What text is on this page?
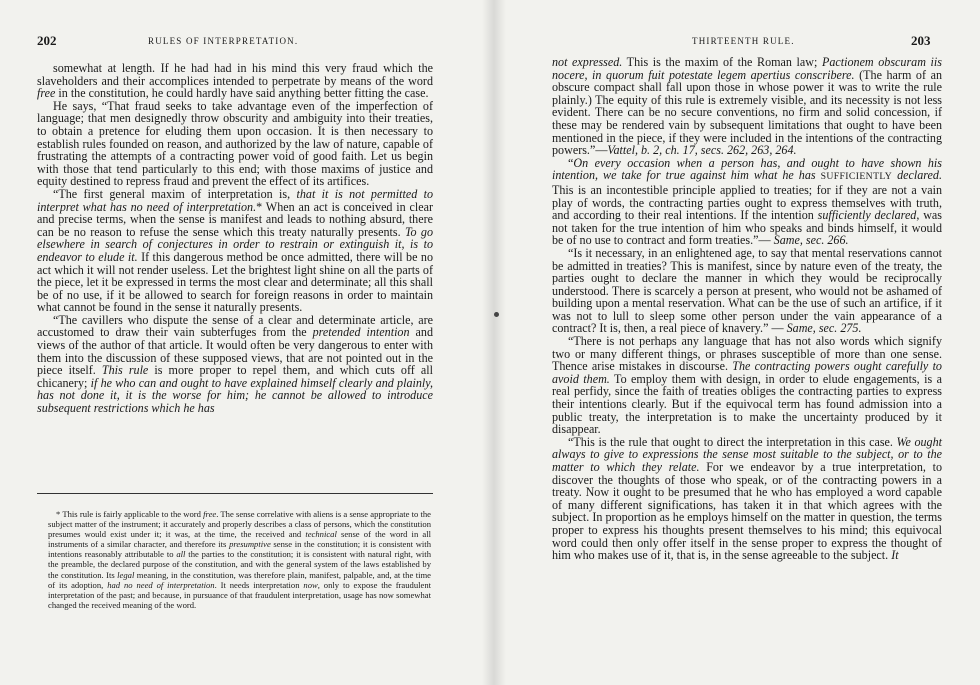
202	RULES OF INTERPRETATION.

somewhat at length. If he had had in his mind this very fraud which the slaveholders and their accomplices intended to perpetrate by means of the word free in the constitution, he could hardly have said anything better fitting the case.

He says, “That fraud seeks to take advantage even of the imperfection of language; that men designedly throw obscurity and ambiguity into their treaties, to obtain a pretence for eluding them upon occasion. It is then necessary to establish rules founded on reason, and authorized by the law of nature, capable of frustrating the attempts of a contracting power void of good faith. Let us begin with those that tend particularly to this end; with those maxims of justice and equity destined to repress fraud and prevent the effect of its artifices.

“The first general maxim of interpretation is, that it is not permitted to interpret what has no need of interpretation.* When an act is conceived in clear and precise terms, when the sense is manifest and leads to nothing absurd, there can be no reason to refuse the sense which this treaty naturally presents. To go elsewhere in search of conjectures in order to restrain or extinguish it, is to endeavor to elude it. If this dangerous method be once admitted, there will be no act which it will not render useless. Let the brightest light shine on all the parts of the piece, let it be expressed in terms the most clear and determinate; all this shall be of no use, if it be allowed to search for foreign reasons in order to maintain what cannot be found in the sense it naturally presents.

“The cavillers who dispute the sense of a clear and determinate article, are accustomed to draw their vain subterfuges from the pretended intention and views of the author of that article. It would often be very dangerous to enter with them into the discussion of these supposed views, that are not pointed out in the piece itself. This rule is more proper to repel them, and which cuts off all chicanery; if he who can and ought to have explained himself clearly and plainly, has not done it, it is the worse for him; he cannot be allowed to introduce subsequent restrictions which he has

* This rule is fairly applicable to the word free. The sense correlative with aliens is a sense appropriate to the subject matter of the instrument; it accurately and properly describes a class of persons, which the constitution presumes would exist under it; it was, at the time, the received and technical sense of the word in all instruments of a similar character, and therefore its presumptive sense in the constitution; it is consistent with intentions reasonably attributable to all the parties to the constitution; it is consistent with natural right, with the preamble, the declared purpose of the constitution, and with the general system of the laws established by the constitution. Its legal meaning, in the constitution, was therefore plain, manifest, palpable, and, at the time of its adoption, had no need of interpretation. It needs interpretation now, only to expose the fraudulent interpretation of the past; and because, in pursuance of that fraudulent interpretation, usage has now somewhat changed the received meaning of the word.

THIRTEENTH RULE.	203

not expressed. This is the maxim of the Roman law; Pactionem obscuram iis nocere, in quorum fuit potestate legem apertius conscribere. (The harm of an obscure compact shall fall upon those in whose power it was to write the rule plainly.) The equity of this rule is extremely visible, and its necessity is not less evident. There can be no secure conventions, no firm and solid concession, if these may be rendered vain by subsequent limitations that ought to have been mentioned in the piece, if they were included in the intentions of the contracting powers.”—Vattel, b. 2, ch. 17, secs. 262, 263, 264.

“On every occasion when a person has, and ought to have shown his intention, we take for true against him what he has SUFFICIENTLY declared. This is an incontestible principle applied to treaties; for if they are not a vain play of words, the contracting parties ought to express themselves with truth, and according to their real intentions. If the intention sufficiently declared, was not taken for the true intention of him who speaks and binds himself, it would be of no use to contract and form treaties.”— Same, sec. 266.

“Is it necessary, in an enlightened age, to say that mental reservations cannot be admitted in treaties? This is manifest, since by nature even of the treaty, the parties ought to declare the manner in which they would be reciprocally understood. There is scarcely a person at present, who would not be ashamed of building upon a mental reservation. What can be the use of such an artifice, if it was not to lull to sleep some other person under the vain appearance of a contract? It is, then, a real piece of knavery.” — Same, sec. 275.

“There is not perhaps any language that has not also words which signify two or many different things, or phrases susceptible of more than one sense. Thence arise mistakes in discourse. The contracting powers ought carefully to avoid them. To employ them with design, in order to elude engagements, is a real perfidy, since the faith of treaties obliges the contracting parties to express their intentions clearly. But if the equivocal term has found admission into a public treaty, the interpretation is to make the uncertainty produced by it disappear.

“This is the rule that ought to direct the interpretation in this case. We ought always to give to expressions the sense most suitable to the subject, or to the matter to which they relate. For we endeavor by a true interpretation, to discover the thoughts of those who speak, or of the contracting powers in a treaty. Now it ought to be presumed that he who has employed a word capable of many different significations, has taken it in that which agrees with the subject. In proportion as he employs himself on the matter in question, the terms proper to express his thoughts present themselves to his mind; this equivocal word could then only offer itself in the sense proper to express the thought of him who makes use of it, that is, in the sense agreeable to the subject. It
